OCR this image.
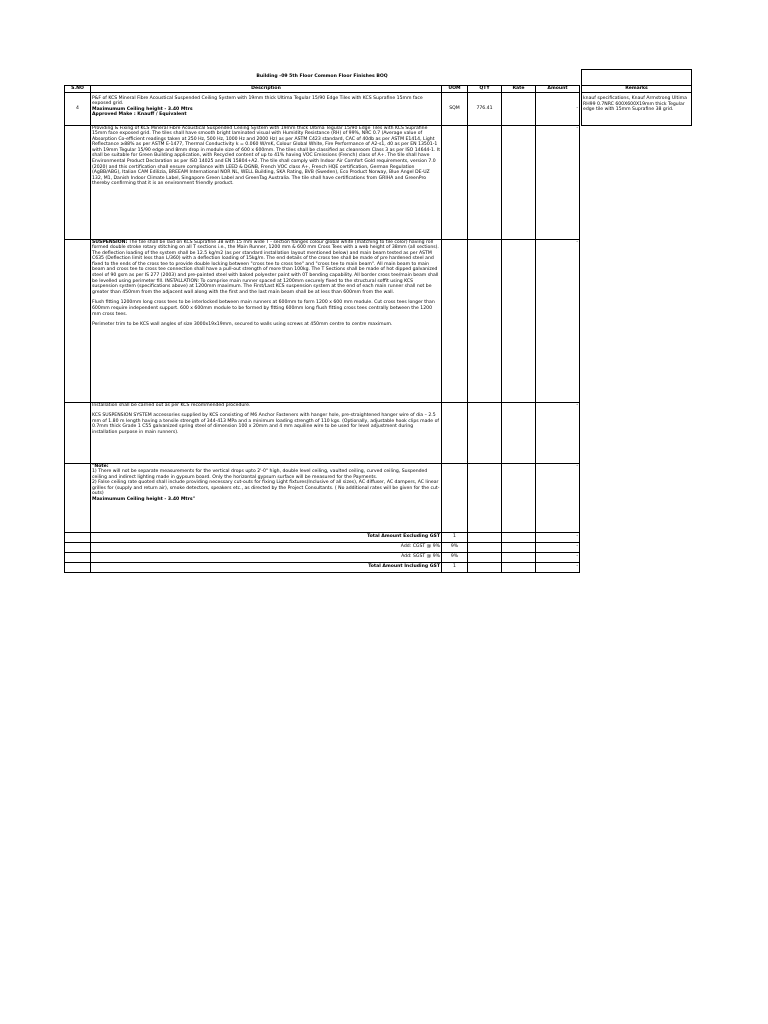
Building -09 5th Floor Common Floor Finishes BOQ					
S.NO	Description	UOM	QTY	Rate	Amount
4	P&F of KCS Mineral Fibre Acoustical Suspended Ceiling System with 19mm thick Ultima Tegular 15/90 Edge Tiles with KCS Suprafine 15mm face exposed grid.

Maximumum Ceiling height - 3.40 Mtrs

Approved Make : Knauff / Equivalent	SQM	776.41		-
	Providing & Fixing of KCS Mineral Fibre Acoustical Suspended Ceiling System with 19mm thick Ultima Tegular 15/90 Edge Tiles with KCS Suprafine 15mm face exposed grid. The tiles shall have smooth bright laminated visual with Humidity Resistance (RH) of 99%, NRC 0.7 (Average value of Absorption Co-efficient readings taken at 250 Hz, 500 Hz, 1000 Hz and 2000 Hz) as per ASTM C423 standard, CAC of 40db as per ASTM E1414, Light Reflectance ≥88% as per ASTM E-1477, Thermal Conductivity k = 0.060 W/mK, Colour Global White, Fire Performance of A2-s1, d0 as per EN 13501-1 with 19mm Tegular 15/90 edge and 8mm drop in module size of 600 x 600mm. The tiles shall be classified as cleanroom Class 3 as per ISO 14644-1. It shall be suitable for Green Building application, with Recycled content of up to 41% having VOC Emissions (French) class of A+. The tile shall have Environmental Product Declaration as per ISO 14025 and EN 15804+A2. The tile shall comply with Indoor Air Comfort Gold requirements, version 7.0 (2020) and this certification shall ensure compliance with LEED & DGNB, French VOC class A+, French HQE certification, German Regulation (AgBB/ABG), Italian CAM Edilizia, BREEAM International NOR NL, WELL Building, SKA Rating, BVB (Sweden), Eco Product Norway, Blue Angel DE-UZ 132, M1, Danish Indoor Climate Label, Singapore Green Label and GreenTag Australia. The tile shall have certifications from GRIHA and GreenPro thereby confirming that it is an environment friendly product.				-

	SUSPENSION: The tile shall be laid on KCS Suprafine 38 with 15 mm wide T - section flanges colour global white (matching to tile color) having roll formed double stroke rotary stitching on all T sections i.e., the Main Runner, 1200 mm & 600 mm Cross Tees with a web height of 38mm (all sections). The deflection loading of the system shall be 12.5 kg/m2 (as per standard installation layout mentioned below) and main beam tested as per ASTM C635 (Deflection limit less than L/360) with a deflection loading of 15kg/m. The end details of the cross tee shall be made of pre hardened steel and fixed to the ends of the cross tee to provide double locking between "cross tee to cross tee" and "cross tee to main beam". All main beam to main beam and cross tee to cross tee connection shall have a pull-out strength of more than 100kg. The T Sections shall be made of hot dipped galvanized steel of 90 gsm as per IS 277 (2003) and pre-painted steel with baked polyester paint with 0T bending capability. All border cross tee/main beam shall be levelled using perimeter fill. INSTALLATION: To comprise main runner spaced at 1200mm securely fixed to the structural soffit using KCS suspension system (specifications above) at 1200mm maximum. The First/Last KCS suspension system at the end of each main runner shall not be greater than 450mm from the adjacent wall along with the first and the last main beam shall be at less than 600mm from the wall.

Flush fitting 1200mm long cross tees to be interlocked between main runners at 600mm to form 1200 x 600 mm module. Cut cross tees longer than 600mm require independent support. 600 x 600mm module to be formed by fitting 600mm long flush fitting cross tees centrally between the 1200 mm cross tees.

Perimeter trim to be KCS wall angles of size 3000x19x19mm, secured to walls using screws at 450mm centre to centre maximum.				-

	Installation shall be carried out as per KCS recommended procedure.

KCS SUSPENSION SYSTEM accessories supplied by KCS consisting of M6 Anchor Fasteners with hanger hole, pre-straightened hanger wire of dia – 2.5 mm of 1.80 m length having a tensile strength of 344-413 MPa and a minimum loading strength of 110 kgs. (Optionally, adjustable hook clips made of 0.7mm thick Grade 1 C55 galvanized spring steel of dimension 100 x 20mm and 4 mm aquiline wire to be used for level adjustment during installation purpose in main runners).				-

	"Note:

1) There will not be separate measurements for the vertical drops upto 2'-0" high, double level ceiling, vaulted ceiling, curved ceiling, Suspended ceiling and indirect lighting made in gypsum board. Only the horizontal gypsum surface will be measured for the Payments.

2) False ceiling rate quoted shall include providing necessary cut-outs for fixing Light fixtures(Inclusive of all sizes), AC diffuser, AC dampers, AC linear grilles for (supply and return air), smoke detectors, speakers etc., as directed by the Project Consultants. ( No additional rates will be given for the cut-outs)

Maximumum Ceiling height - 3.40 Mtrs"				-
	Total Amount Excluding GST	1			-
	Add: CGST @ 9%	9%			-
	Add: SGST @ 9%	9%			-
	Total Amount Including GST	1			-

Remarks
knauf specifications, Knauf Armstrong Ultima RH99 0.7NRC 600X600X19mm thick Tegular edge tile with 15mm Suprafine 38 grid.
